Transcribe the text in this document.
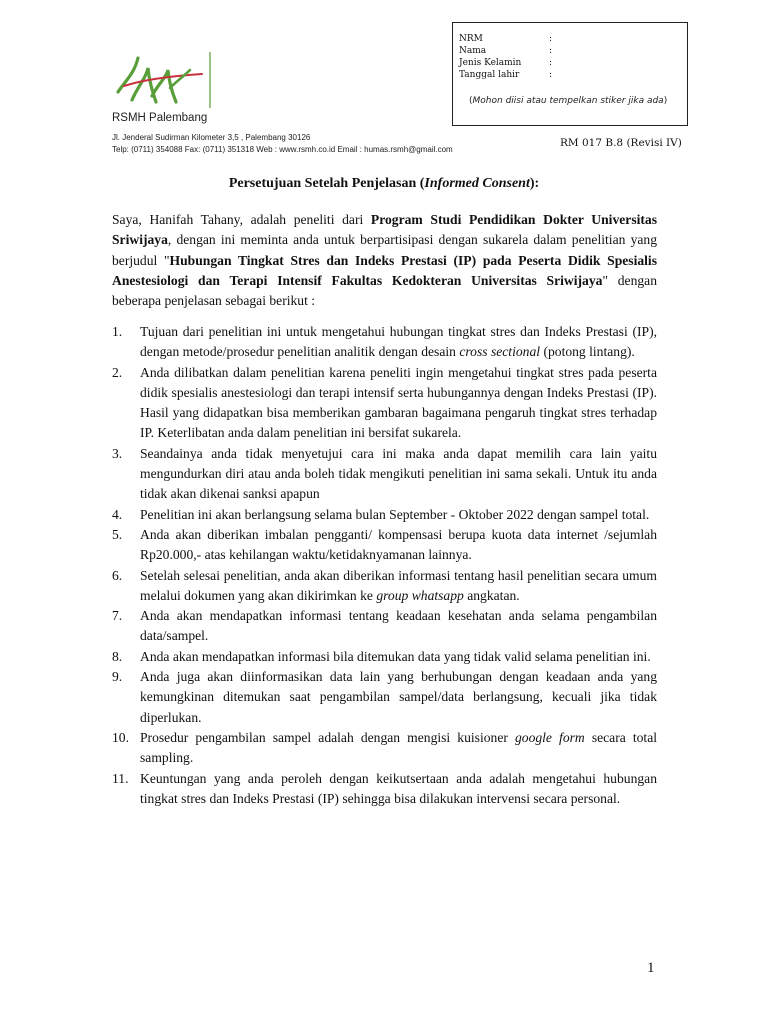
RSMH Palembang
Jl. Jenderal Sudirman Kilometer 3,5 , Palembang 30126
Telp: (0711) 354088 Fax: (0711) 351318 Web : www.rsmh.co.id Email : humas.rsmh@gmail.com
NRM	:
Nama	:
Jenis Kelamin	:
Tanggal lahir	:
(Mohon diisi atau tempelkan stiker jika ada)
RM 017 B.8 (Revisi IV)
Persetujuan Setelah Penjelasan (Informed Consent):
Saya, Hanifah Tahany, adalah peneliti dari Program Studi Pendidikan Dokter Universitas Sriwijaya, dengan ini meminta anda untuk berpartisipasi dengan sukarela dalam penelitian yang berjudul "Hubungan Tingkat Stres dan Indeks Prestasi (IP) pada Peserta Didik Spesialis Anestesiologi dan Terapi Intensif Fakultas Kedokteran Universitas Sriwijaya" dengan beberapa penjelasan sebagai berikut :
1. Tujuan dari penelitian ini untuk mengetahui hubungan tingkat stres dan Indeks Prestasi (IP), dengan metode/prosedur penelitian analitik dengan desain cross sectional (potong lintang).
2. Anda dilibatkan dalam penelitian karena peneliti ingin mengetahui tingkat stres pada peserta didik spesialis anestesiologi dan terapi intensif serta hubungannya dengan Indeks Prestasi (IP). Hasil yang didapatkan bisa memberikan gambaran bagaimana pengaruh tingkat stres terhadap IP. Keterlibatan anda dalam penelitian ini bersifat sukarela.
3. Seandainya anda tidak menyetujui cara ini maka anda dapat memilih cara lain yaitu mengundurkan diri atau anda boleh tidak mengikuti penelitian ini sama sekali. Untuk itu anda tidak akan dikenai sanksi apapun
4. Penelitian ini akan berlangsung selama bulan September - Oktober 2022 dengan sampel total.
5. Anda akan diberikan imbalan pengganti/ kompensasi berupa kuota data internet /sejumlah Rp20.000,- atas kehilangan waktu/ketidaknyamanan lainnya.
6. Setelah selesai penelitian, anda akan diberikan informasi tentang hasil penelitian secara umum melalui dokumen yang akan dikirimkan ke group whatsapp angkatan.
7. Anda akan mendapatkan informasi tentang keadaan kesehatan anda selama pengambilan data/sampel.
8. Anda akan mendapatkan informasi bila ditemukan data yang tidak valid selama penelitian ini.
9. Anda juga akan diinformasikan data lain yang berhubungan dengan keadaan anda yang kemungkinan ditemukan saat pengambilan sampel/data berlangsung, kecuali jika tidak diperlukan.
10. Prosedur pengambilan sampel adalah dengan mengisi kuisioner google form secara total sampling.
11. Keuntungan yang anda peroleh dengan keikutsertaan anda adalah mengetahui hubungan tingkat stres dan Indeks Prestasi (IP) sehingga bisa dilakukan intervensi secara personal.
1
